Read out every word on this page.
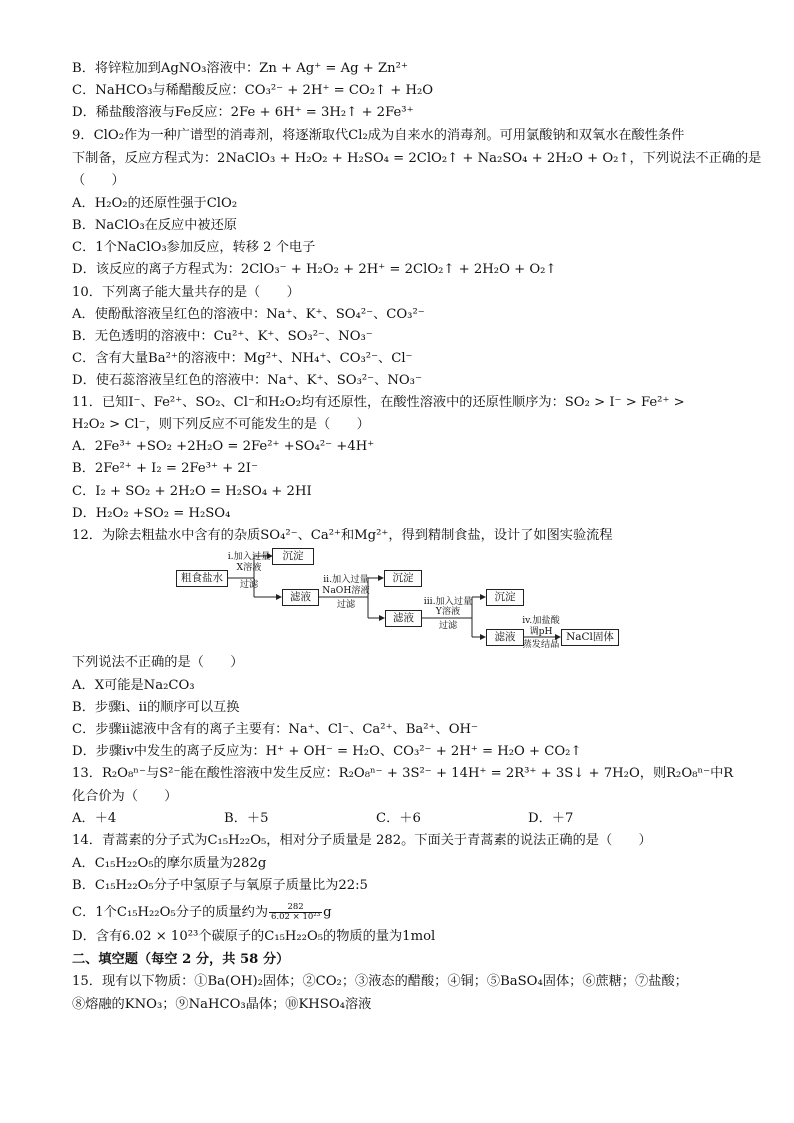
B．将锌粒加到AgNO₃溶液中：Zn + Ag⁺ = Ag + Zn²⁺
C．NaHCO₃与稀醋酸反应：CO₃²⁻ + 2H⁺ = CO₂↑ + H₂O
D．稀盐酸溶液与Fe反应：2Fe + 6H⁺ = 3H₂↑ + 2Fe³⁺
9．ClO₂作为一种广谱型的消毒剂，将逐渐取代Cl₂成为自来水的消毒剂。可用氯酸钠和双氧水在酸性条件
下制备，反应方程式为：2NaClO₃ + H₂O₂ + H₂SO₄ = 2ClO₂↑ + Na₂SO₄ + 2H₂O + O₂↑，下列说法不正确的是
（　　）
A．H₂O₂的还原性强于ClO₂
B．NaClO₃在反应中被还原
C．1个NaClO₃参加反应，转移 2 个电子
D．该反应的离子方程式为：2ClO₃⁻ + H₂O₂ + 2H⁺ = 2ClO₂↑ + 2H₂O + O₂↑
10．下列离子能大量共存的是（　　）
A．使酚酞溶液呈红色的溶液中：Na⁺、K⁺、SO₄²⁻、CO₃²⁻
B．无色透明的溶液中：Cu²⁺、K⁺、SO₃²⁻、NO₃⁻
C．含有大量Ba²⁺的溶液中：Mg²⁺、NH₄⁺、CO₃²⁻、Cl⁻
D．使石蕊溶液呈红色的溶液中：Na⁺、K⁺、SO₃²⁻、NO₃⁻
11．已知I⁻、Fe²⁺、SO₂、Cl⁻和H₂O₂均有还原性，在酸性溶液中的还原性顺序为：SO₂ > I⁻ > Fe²⁺ >
H₂O₂ > Cl⁻，则下列反应不可能发生的是（　　）
A．2Fe³⁺ +SO₂ +2H₂O = 2Fe²⁺ +SO₄²⁻ +4H⁺
B．2Fe²⁺ + I₂ = 2Fe³⁺ + 2I⁻
C．I₂ + SO₂ + 2H₂O = H₂SO₄ + 2HI
D．H₂O₂ +SO₂ = H₂SO₄
12．为除去粗盐水中含有的杂质SO₄²⁻、Ca²⁺和Mg²⁺，得到精制食盐，设计了如图实验流程
粗食盐水
沉淀
滤液
沉淀
滤液
沉淀
滤液	NaCl固体
i.加入过量
X溶液
过滤	ii.加入过量
NaOH溶液
过滤	iii.加入过量
Y溶液
过滤	iv.加盐酸
调pH
蒸发结晶
下列说法不正确的是（　　）
A．X可能是Na₂CO₃
B．步骤ⅰ、ⅱ的顺序可以互换
C．步骤ⅱ滤液中含有的离子主要有：Na⁺、Cl⁻、Ca²⁺、Ba²⁺、OH⁻
D．步骤ⅳ中发生的离子反应为：H⁺ + OH⁻ = H₂O、CO₃²⁻ + 2H⁺ = H₂O + CO₂↑
13．R₂O₈ⁿ⁻与S²⁻能在酸性溶液中发生反应：R₂O₈ⁿ⁻ + 3S²⁻ + 14H⁺ = 2R³⁺ + 3S↓ + 7H₂O，则R₂O₈ⁿ⁻中R
化合价为（　　）
A．＋4	B．＋5	C．＋6	D．＋7
14．青蒿素的分子式为C₁₅H₂₂O₅，相对分子质量是 282。下面关于青蒿素的说法正确的是（　　）
A．C₁₅H₂₂O₅的摩尔质量为282g
B．C₁₅H₂₂O₅分子中氢原子与氧原子质量比为22:5
C．1个C₁₅H₂₂O₅分子的质量约为 $\frac{282}{\text{6.02 × 10²³}}$ g
D．含有6.02 × 10²³个碳原子的C₁₅H₂₂O₅的物质的量为1mol
二、填空题（每空 2 分，共 58 分）
15．现有以下物质：①Ba(OH)₂固体；②CO₂；③液态的醋酸；④铜；⑤BaSO₄固体；⑥蔗糖；⑦盐酸；
⑧熔融的KNO₃；⑨NaHCO₃晶体；⑩KHSO₄溶液
